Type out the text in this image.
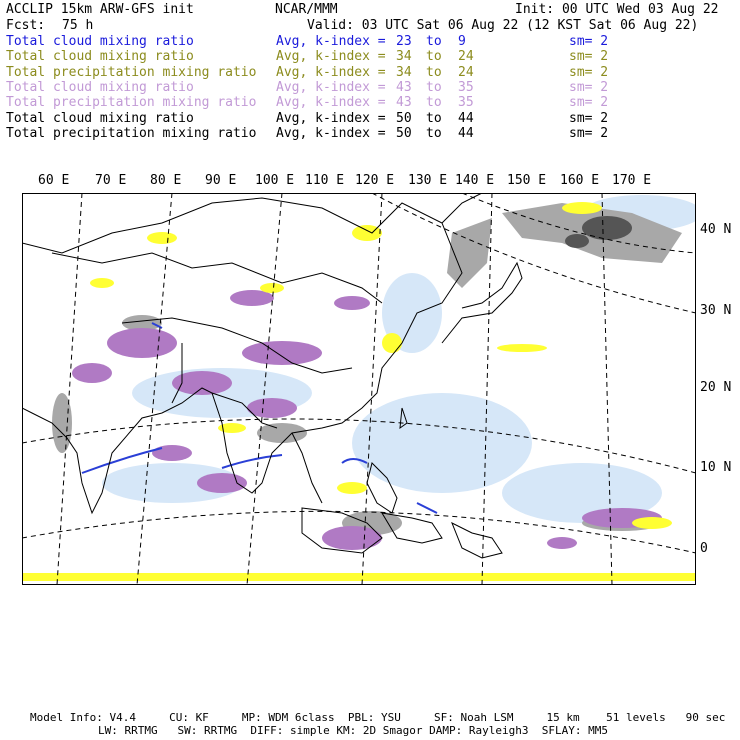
ACCLIP 15km ARW-GFS init	NCAR/MMM	Init: 00 UTC Wed 03 Aug 22
Fcst: 75 h	Valid: 03 UTC Sat 06 Aug 22 (12 KST Sat 06 Aug 22)
Total cloud mixing ratio	Avg, k-index = 23 to 9	sm= 2
Total cloud mixing ratio	Avg, k-index = 34 to 24	sm= 2
Total precipitation mixing ratio Avg, k-index = 34 to 24	sm= 2
Total cloud mixing ratio	Avg, k-index = 43 to 35	sm= 2
Total precipitation mixing ratio Avg, k-index = 43 to 35	sm= 2
Total cloud mixing ratio	Avg, k-index = 50 to 44	sm= 2
Total precipitation mixing ratio Avg, k-index = 50 to 44	sm= 2
60 E 70 E 80 E 90 E 100 E 110 E 120 E 130 E 140 E 150 E 160 E 170 E
40 N
30 N
20 N
10 N
0
Model Info: V4.4     CU: KF     MP: WDM 6class  PBL: YSU     SF: Noah LSM     15 km    51 levels   90 sec
LW: RRTMG   SW: RRTMG  DIFF: simple KM: 2D Smagor DAMP: Rayleigh3  SFLAY: MM5
